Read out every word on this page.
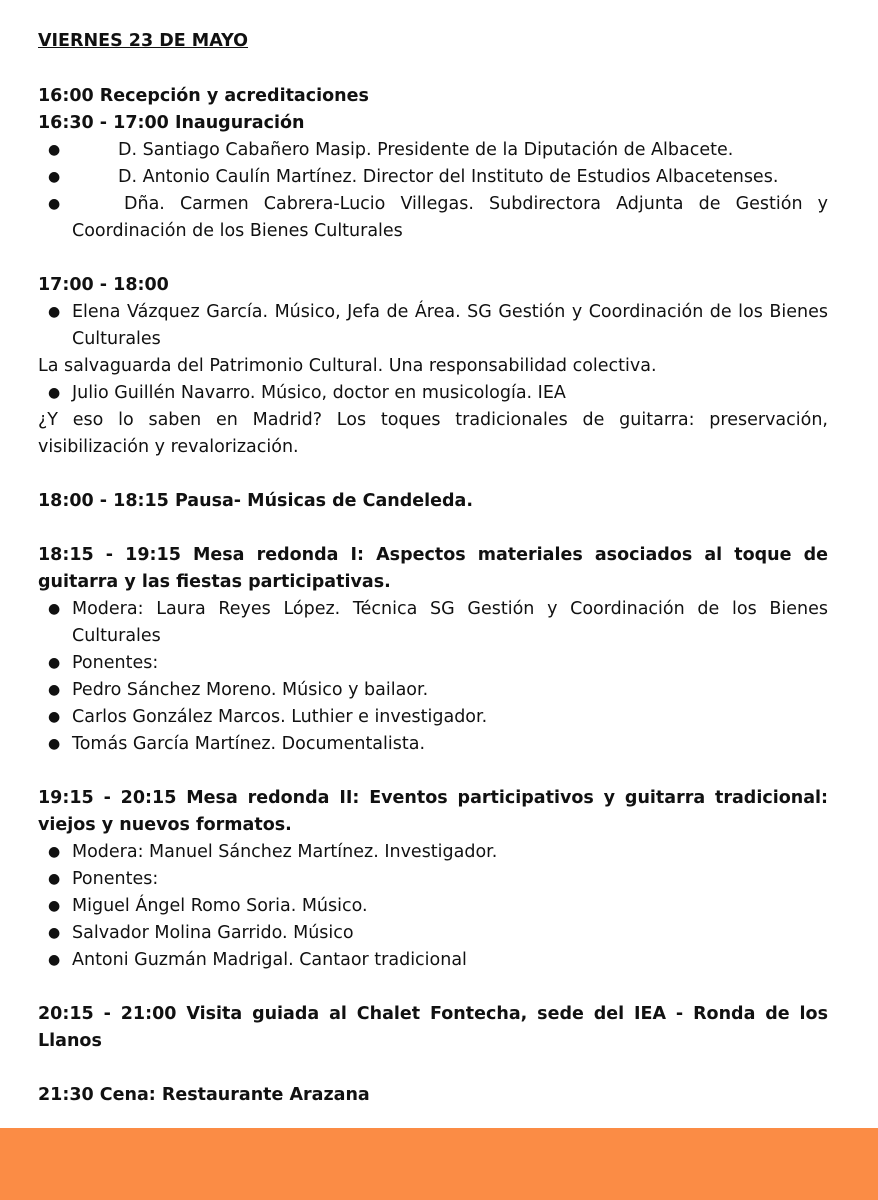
VIERNES 23 DE MAYO

16:00 Recepción y acreditaciones

16:30 - 17:00 Inauguración

●	D. Santiago Cabañero Masip. Presidente de la Diputación de Albacete.
●	D. Antonio Caulín Martínez. Director del Instituto de Estudios Albacetenses.
●	Dña. Carmen Cabrera-Lucio Villegas. Subdirectora Adjunta de Gestión y Coordinación de los Bienes Culturales

17:00 - 18:00

● Elena Vázquez García. Músico, Jefa de Área. SG Gestión y Coordinación de los Bienes Culturales

La salvaguarda del Patrimonio Cultural. Una responsabilidad colectiva.

● Julio Guillén Navarro. Músico, doctor en musicología. IEA

¿Y eso lo saben en Madrid? Los toques tradicionales de guitarra: preservación, visibilización y revalorización.

18:00 - 18:15 Pausa- Músicas de Candeleda.

18:15 - 19:15 Mesa redonda I: Aspectos materiales asociados al toque de guitarra y las fiestas participativas.

● Modera: Laura Reyes López. Técnica SG Gestión y Coordinación de los Bienes Culturales
● Ponentes:
● Pedro Sánchez Moreno. Músico y bailaor.
● Carlos González Marcos. Luthier e investigador.
● Tomás García Martínez. Documentalista.

19:15 - 20:15 Mesa redonda II: Eventos participativos y guitarra tradicional: viejos y nuevos formatos.

● Modera: Manuel Sánchez Martínez. Investigador.
● Ponentes:
● Miguel Ángel Romo Soria. Músico.
● Salvador Molina Garrido. Músico
● Antoni Guzmán Madrigal. Cantaor tradicional

20:15 - 21:00 Visita guiada al Chalet Fontecha, sede del IEA - Ronda de los Llanos

21:30 Cena: Restaurante Arazana
